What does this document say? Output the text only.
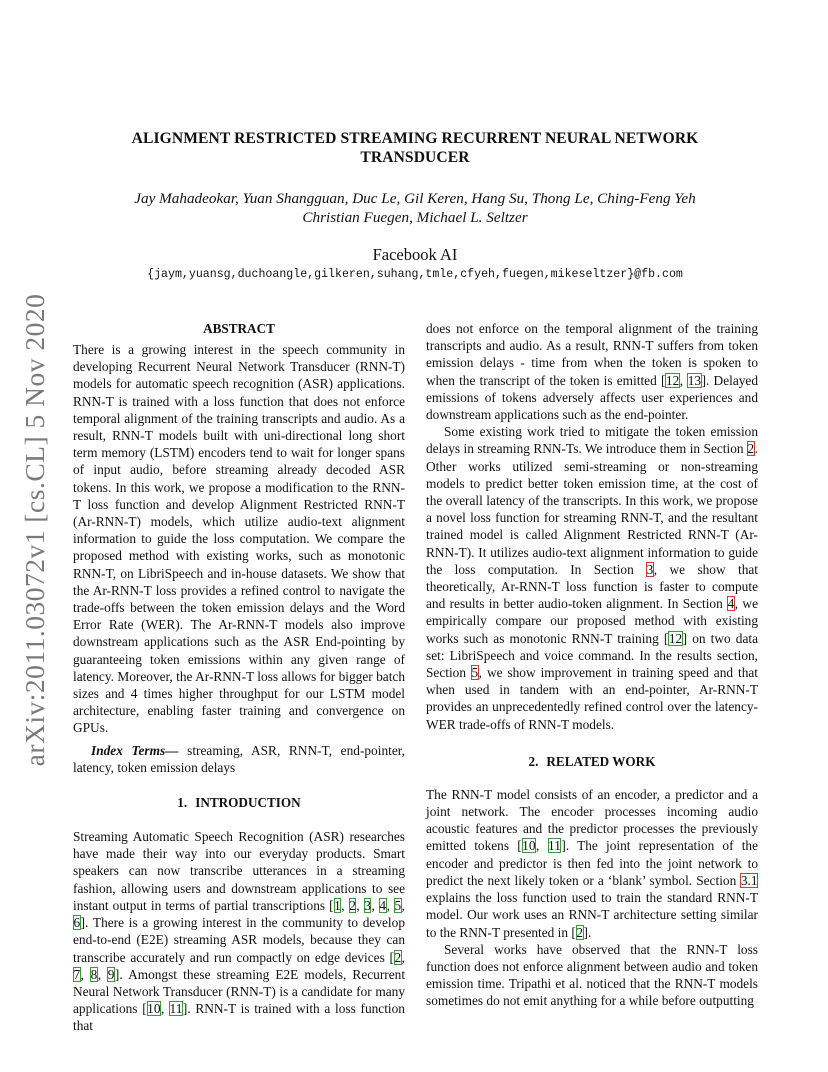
arXiv:2011.03072v1 [cs.CL] 5 Nov 2020
ALIGNMENT RESTRICTED STREAMING RECURRENT NEURAL NETWORK
TRANSDUCER
Jay Mahadeokar, Yuan Shangguan, Duc Le, Gil Keren, Hang Su, Thong Le, Ching-Feng Yeh
Christian Fuegen, Michael L. Seltzer
Facebook AI
{jaym,yuansg,duchoangle,gilkeren,suhang,tmle,cfyeh,fuegen,mikeseltzer}@fb.com
ABSTRACT

There is a growing interest in the speech community in developing Recurrent Neural Network Transducer (RNN-T) models for automatic speech recognition (ASR) applications. RNN-T is trained with a loss function that does not enforce temporal alignment of the training transcripts and audio. As a result, RNN-T models built with uni-directional long short term memory (LSTM) encoders tend to wait for longer spans of input audio, before streaming already decoded ASR tokens. In this work, we propose a modification to the RNN-T loss function and develop Alignment Restricted RNN-T (Ar-RNN-T) models, which utilize audio-text alignment information to guide the loss computation. We compare the proposed method with existing works, such as monotonic RNN-T, on LibriSpeech and in-house datasets. We show that the Ar-RNN-T loss provides a refined control to navigate the trade-offs between the token emission delays and the Word Error Rate (WER). The Ar-RNN-T models also improve downstream applications such as the ASR End-pointing by guaranteeing token emissions within any given range of latency. Moreover, the Ar-RNN-T loss allows for bigger batch sizes and 4 times higher throughput for our LSTM model architecture, enabling faster training and convergence on GPUs.

Index Terms— streaming, ASR, RNN-T, end-pointer, latency, token emission delays

1. INTRODUCTION

Streaming Automatic Speech Recognition (ASR) researches have made their way into our everyday products. Smart speakers can now transcribe utterances in a streaming fashion, allowing users and downstream applications to see instant output in terms of partial transcriptions [1, 2, 3, 4, 5, 6]. There is a growing interest in the community to develop end-to-end (E2E) streaming ASR models, because they can transcribe accurately and run compactly on edge devices [2, 7, 8, 9]. Amongst these streaming E2E models, Recurrent Neural Network Transducer (RNN-T) is a candidate for many applications [10, 11]. RNN-T is trained with a loss function that

does not enforce on the temporal alignment of the training transcripts and audio. As a result, RNN-T suffers from token emission delays - time from when the token is spoken to when the transcript of the token is emitted [12, 13]. Delayed emissions of tokens adversely affects user experiences and downstream applications such as the end-pointer.

Some existing work tried to mitigate the token emission delays in streaming RNN-Ts. We introduce them in Section 2. Other works utilized semi-streaming or non-streaming models to predict better token emission time, at the cost of the overall latency of the transcripts. In this work, we propose a novel loss function for streaming RNN-T, and the resultant trained model is called Alignment Restricted RNN-T (Ar-RNN-T). It utilizes audio-text alignment information to guide the loss computation. In Section 3, we show that theoretically, Ar-RNN-T loss function is faster to compute and results in better audio-token alignment. In Section 4, we empirically compare our proposed method with existing works such as monotonic RNN-T training [12] on two data set: LibriSpeech and voice command. In the results section, Section 5, we show improvement in training speed and that when used in tandem with an end-pointer, Ar-RNN-T provides an unprecedentedly refined control over the latency-WER trade-offs of RNN-T models.

2. RELATED WORK

The RNN-T model consists of an encoder, a predictor and a joint network. The encoder processes incoming audio acoustic features and the predictor processes the previously emitted tokens [10, 11]. The joint representation of the encoder and predictor is then fed into the joint network to predict the next likely token or a ‘blank’ symbol. Section 3.1 explains the loss function used to train the standard RNN-T model. Our work uses an RNN-T architecture setting similar to the RNN-T presented in [2].

Several works have observed that the RNN-T loss function does not enforce alignment between audio and token emission time. Tripathi et al. noticed that the RNN-T models sometimes do not emit anything for a while before outputting
